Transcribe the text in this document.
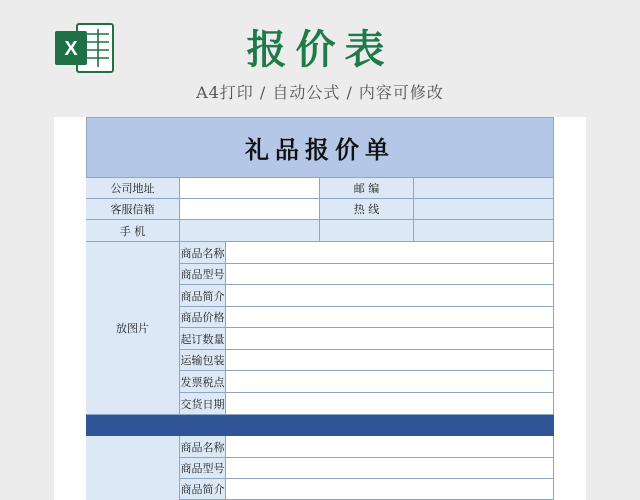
X	报价表
A4打印 / 自动公式 / 内容可修改
礼品报价单
公司地址	邮 编
客服信箱	热 线
手 机
放图片
商品名称
商品型号
商品简介
商品价格
起订数量
运输包装
发票税点
交货日期
商品名称
商品型号
商品简介
